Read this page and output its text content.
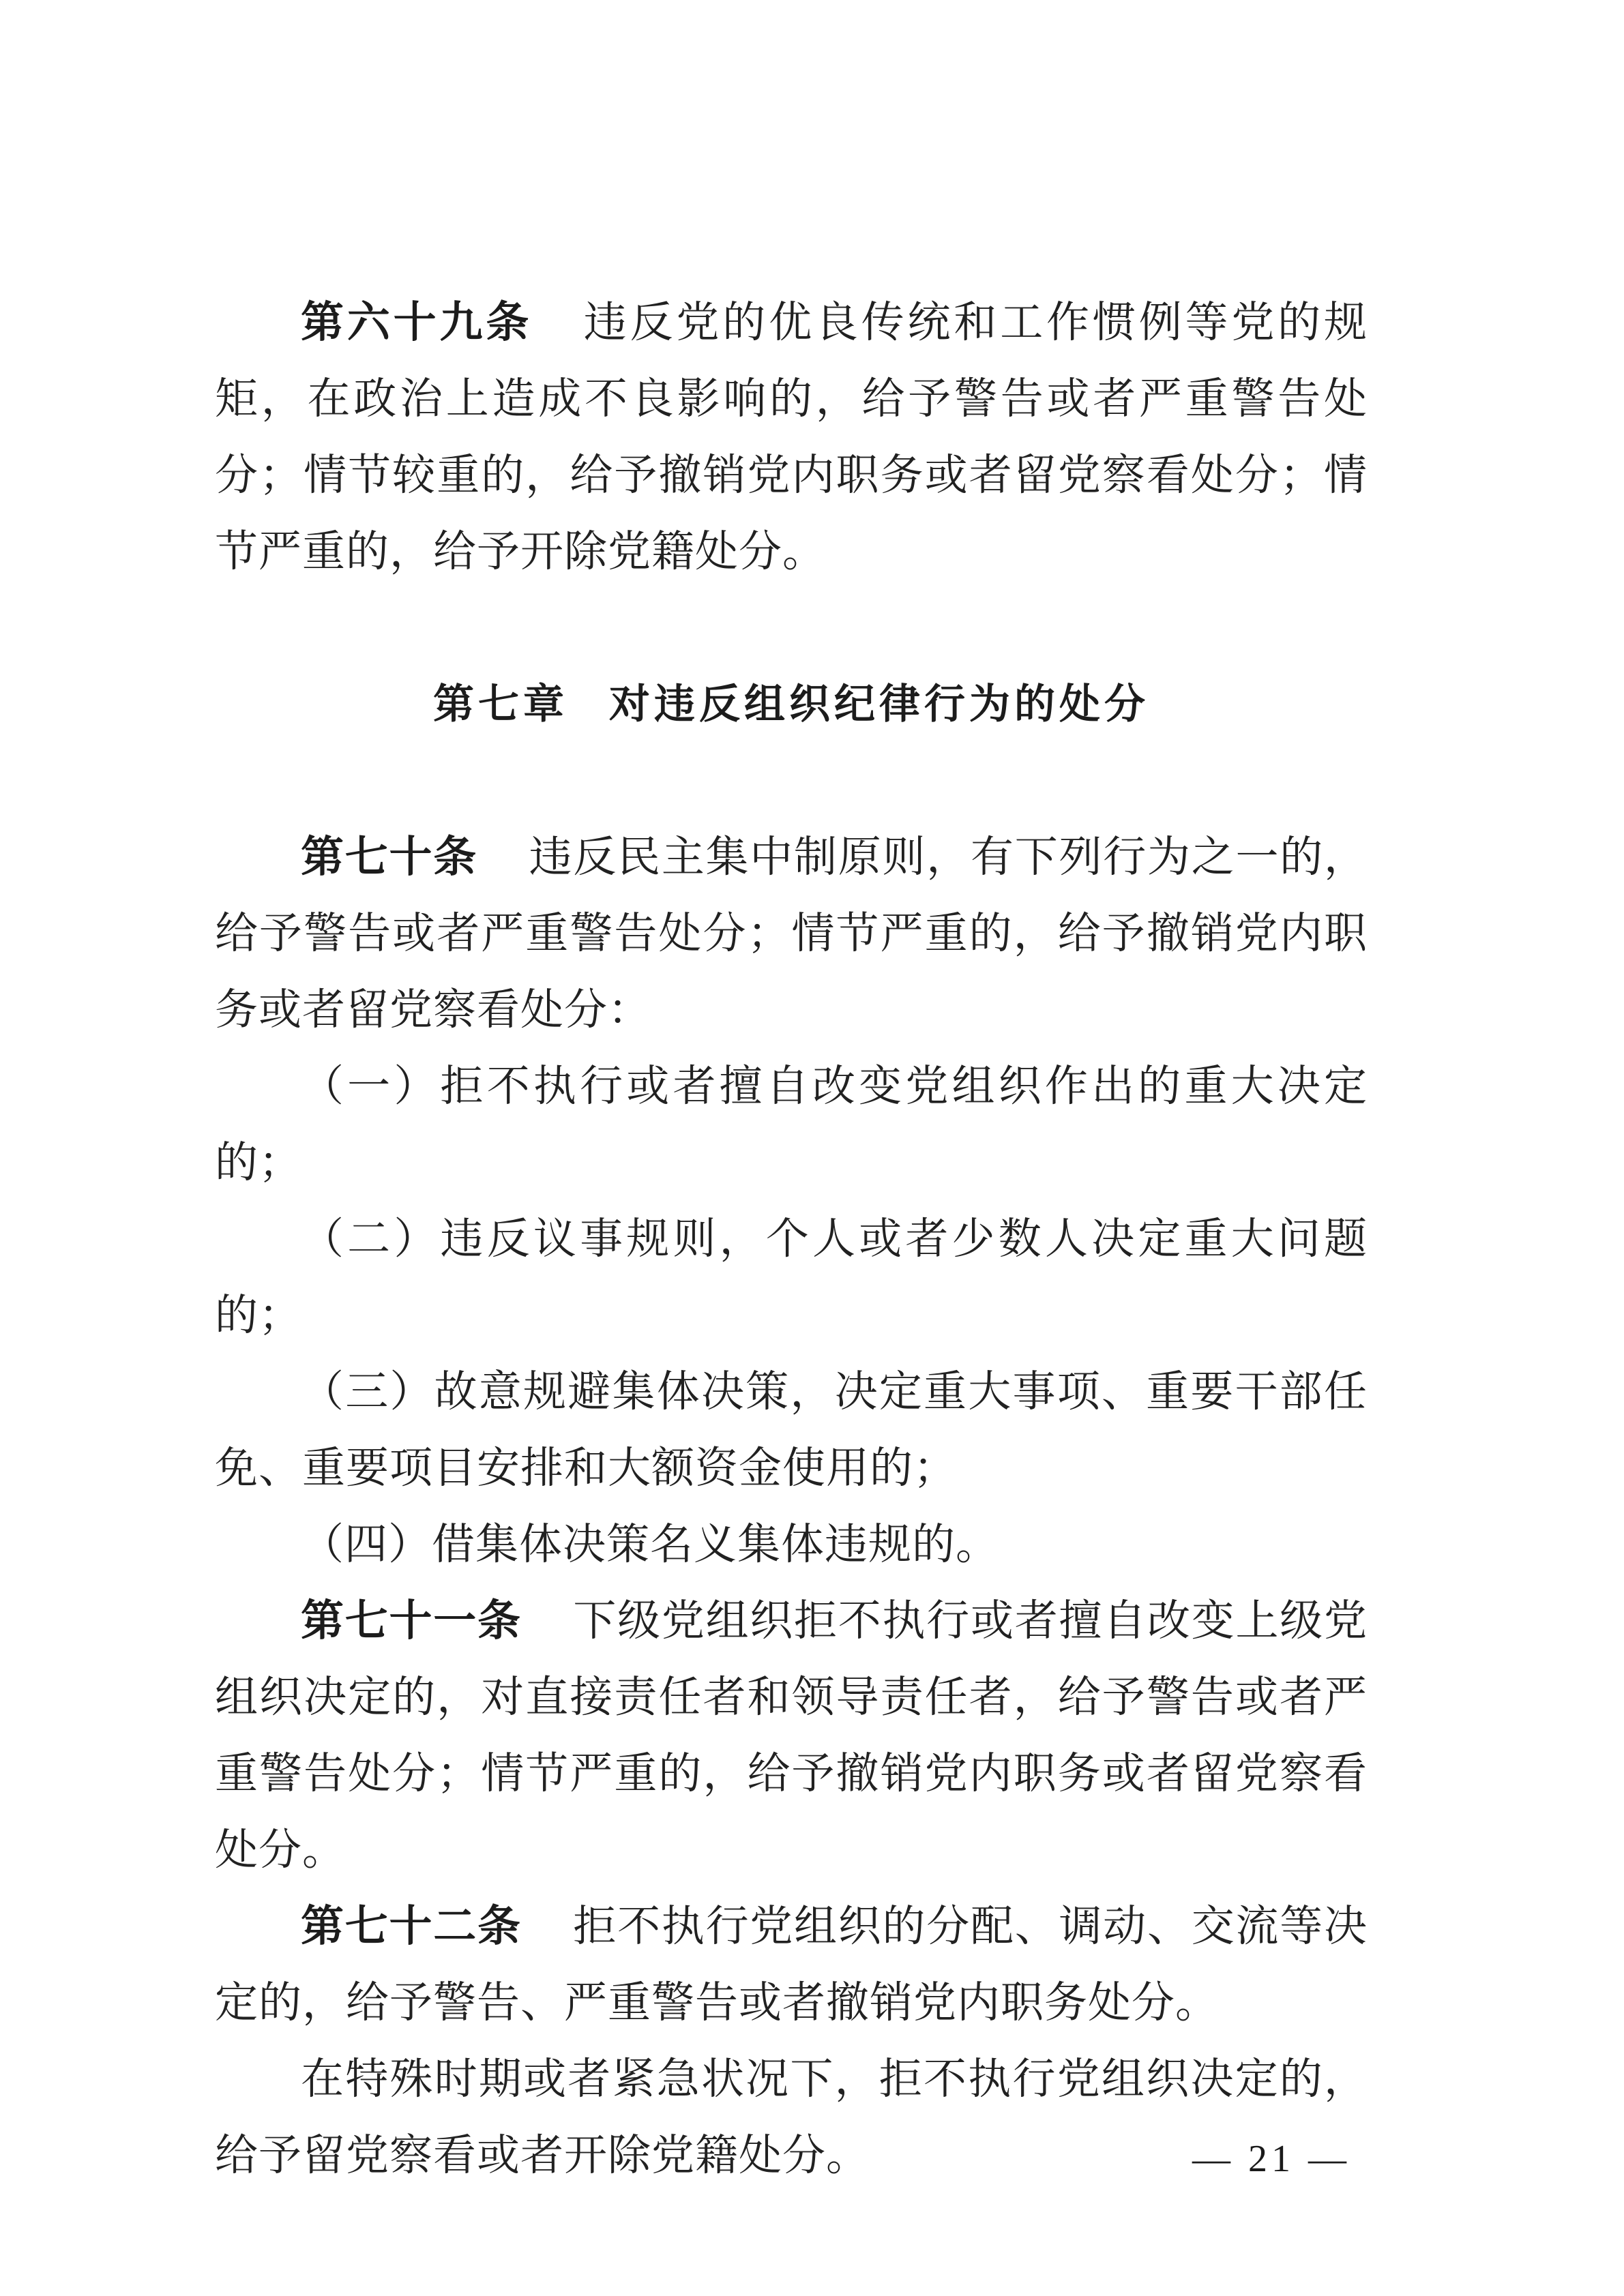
第六十九条 违反党的优良传统和工作惯例等党的规矩，在政治上造成不良影响的，给予警告或者严重警告处分；情节较重的，给予撤销党内职务或者留党察看处分；情节严重的，给予开除党籍处分。

第七章 对违反组织纪律行为的处分

第七十条 违反民主集中制原则，有下列行为之一的，给予警告或者严重警告处分；情节严重的，给予撤销党内职务或者留党察看处分：

（一）拒不执行或者擅自改变党组织作出的重大决定的；

（二）违反议事规则，个人或者少数人决定重大问题的；

（三）故意规避集体决策，决定重大事项、重要干部任免、重要项目安排和大额资金使用的；

（四）借集体决策名义集体违规的。

第七十一条 下级党组织拒不执行或者擅自改变上级党组织决定的，对直接责任者和领导责任者，给予警告或者严重警告处分；情节严重的，给予撤销党内职务或者留党察看处分。

第七十二条 拒不执行党组织的分配、调动、交流等决定的，给予警告、严重警告或者撤销党内职务处分。

在特殊时期或者紧急状况下，拒不执行党组织决定的，给予留党察看或者开除党籍处分。	— 21 —
